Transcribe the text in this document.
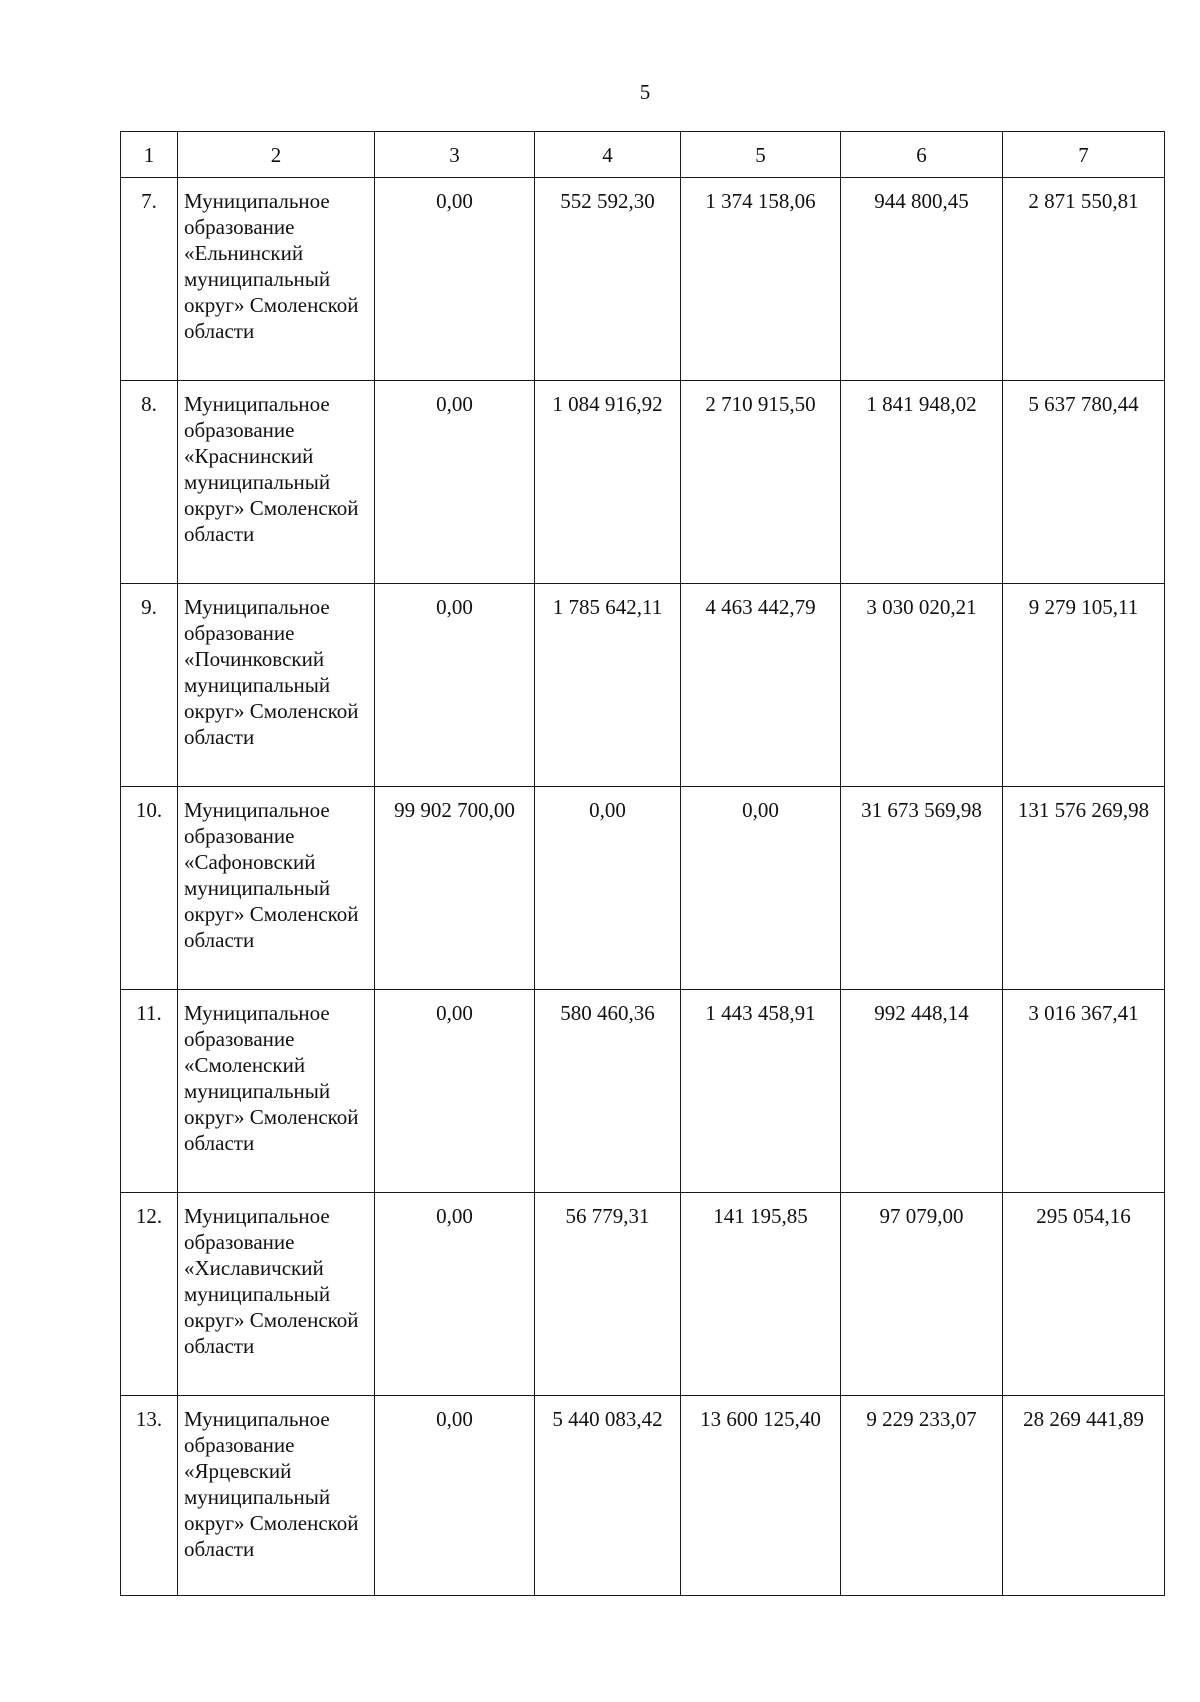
5
1	2	3	4	5	6	7
7.	Муниципальное образование «Ельнинский муниципальный округ» Смоленской области	0,00	552 592,30	1 374 158,06	944 800,45	2 871 550,81
8.	Муниципальное образование «Краснинский муниципальный округ» Смоленской области	0,00	1 084 916,92	2 710 915,50	1 841 948,02	5 637 780,44
9.	Муниципальное образование «Починковский муниципальный округ» Смоленской области	0,00	1 785 642,11	4 463 442,79	3 030 020,21	9 279 105,11
10.	Муниципальное образование «Сафоновский муниципальный округ» Смоленской области	99 902 700,00	0,00	0,00	31 673 569,98	131 576 269,98
11.	Муниципальное образование «Смоленский муниципальный округ» Смоленской области	0,00	580 460,36	1 443 458,91	992 448,14	3 016 367,41
12.	Муниципальное образование «Хиславичский муниципальный округ» Смоленской области	0,00	56 779,31	141 195,85	97 079,00	295 054,16
13.	Муниципальное образование «Ярцевский муниципальный округ» Смоленской области	0,00	5 440 083,42	13 600 125,40	9 229 233,07	28 269 441,89
